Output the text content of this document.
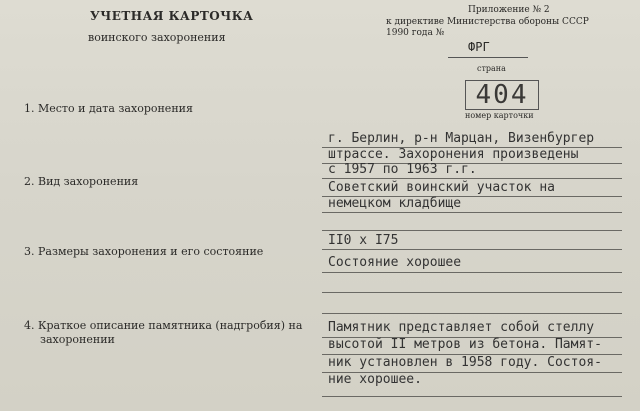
УЧЕТНАЯ КАРТОЧКА
воинского захоронения
Приложение № 2
к директиве Министерства обороны СССР
1990 года №
ФРГ
страна
404
номер карточки
1. Место и дата захоронения
2. Вид захоронения
3. Размеры захоронения и его состояние
4. Краткое описание памятника (надгробия) на
захоронении
г. Берлин, р-н Марцан, Визенбургер
штрассе. Захоронения произведены
с 1957 по 1963 г.г.
Советский воинский участок на
немецком кладбище
II0 x I75
Состояние хорошее
Памятник представляет собой стеллу
высотой II метров из бетона. Памят-
ник установлен в 1958 году. Состоя-
ние хорошее.
